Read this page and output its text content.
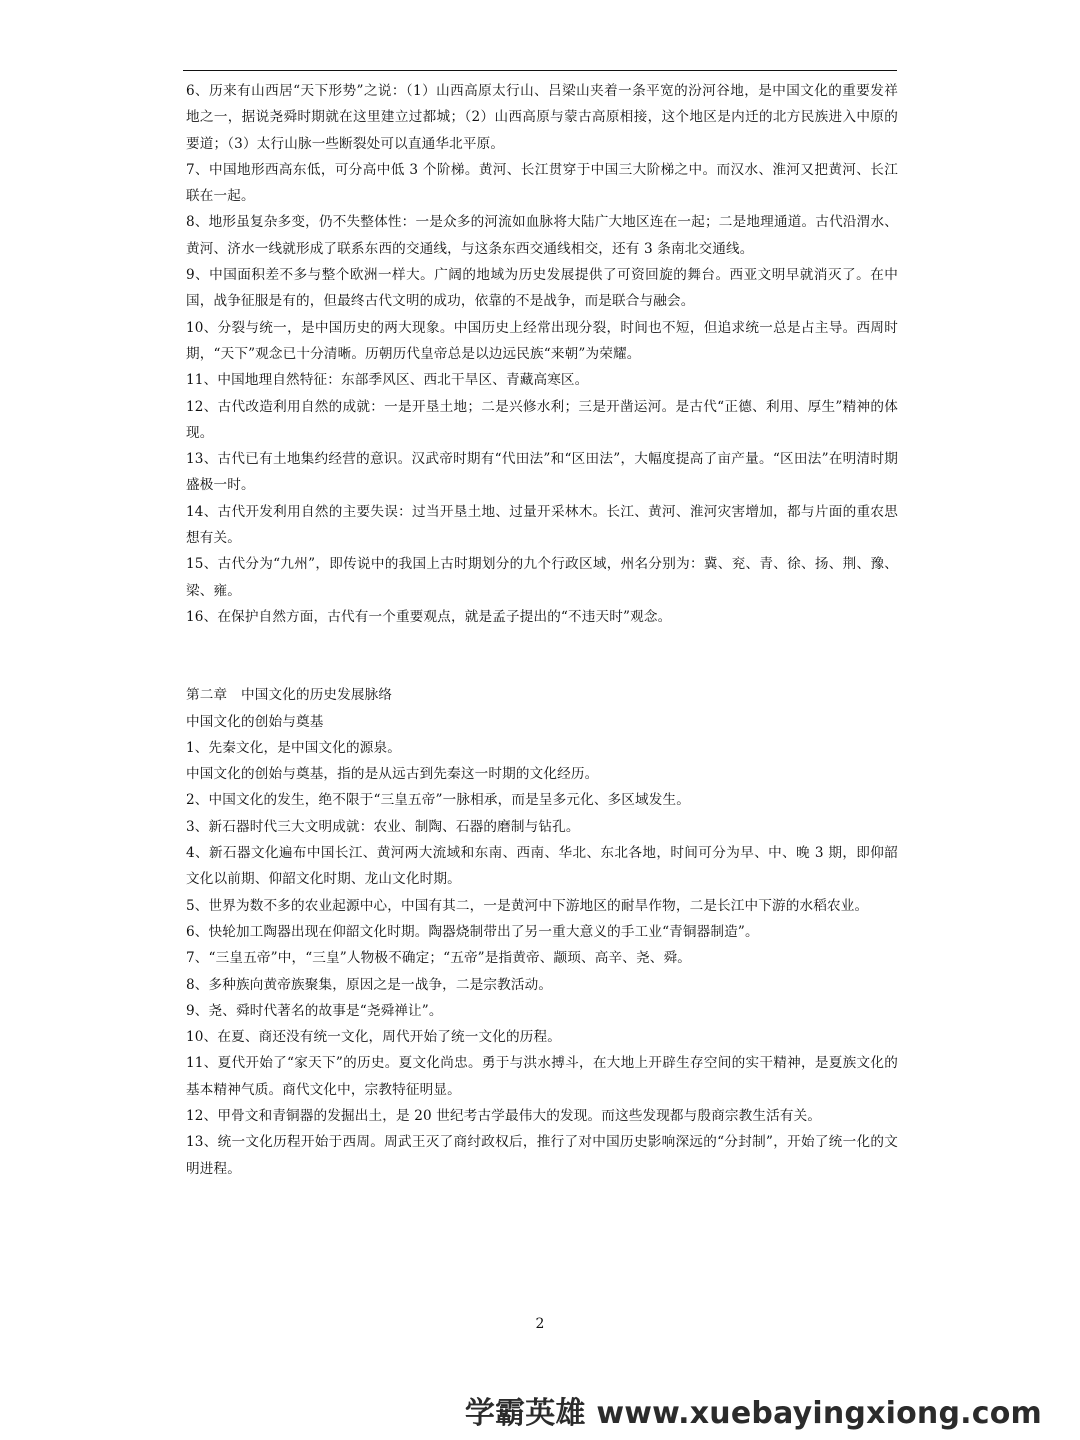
6、历来有山西居“天下形势”之说：（1）山西高原太行山、吕梁山夹着一条平宽的汾河谷地，是中国文化的重要发祥地之一，据说尧舜时期就在这里建立过都城；（2）山西高原与蒙古高原相接，这个地区是内迁的北方民族进入中原的要道；（3）太行山脉一些断裂处可以直通华北平原。

7、中国地形西高东低，可分高中低 3 个阶梯。黄河、长江贯穿于中国三大阶梯之中。而汉水、淮河又把黄河、长江联在一起。

8、地形虽复杂多变，仍不失整体性：一是众多的河流如血脉将大陆广大地区连在一起；二是地理通道。古代沿渭水、黄河、济水一线就形成了联系东西的交通线，与这条东西交通线相交，还有 3 条南北交通线。

9、中国面积差不多与整个欧洲一样大。广阔的地域为历史发展提供了可资回旋的舞台。西亚文明早就消灭了。在中国，战争征服是有的，但最终古代文明的成功，依靠的不是战争，而是联合与融会。

10、分裂与统一，是中国历史的两大现象。中国历史上经常出现分裂，时间也不短，但追求统一总是占主导。西周时期，“天下”观念已十分清晰。历朝历代皇帝总是以边远民族“来朝”为荣耀。

11、中国地理自然特征：东部季风区、西北干旱区、青藏高寒区。

12、古代改造利用自然的成就：一是开垦土地；二是兴修水利；三是开凿运河。是古代“正德、利用、厚生”精神的体现。

13、古代已有土地集约经营的意识。汉武帝时期有“代田法”和“区田法”，大幅度提高了亩产量。“区田法”在明清时期盛极一时。

14、古代开发利用自然的主要失误：过当开垦土地、过量开采林木。长江、黄河、淮河灾害增加，都与片面的重农思想有关。

15、古代分为“九州”，即传说中的我国上古时期划分的九个行政区域，州名分别为：冀、兖、青、徐、扬、荆、豫、梁、雍。

16、在保护自然方面，古代有一个重要观点，就是孟子提出的“不违天时”观念。

第二章　中国文化的历史发展脉络

中国文化的创始与奠基

1、先秦文化，是中国文化的源泉。

中国文化的创始与奠基，指的是从远古到先秦这一时期的文化经历。

2、中国文化的发生，绝不限于“三皇五帝”一脉相承，而是呈多元化、多区域发生。

3、新石器时代三大文明成就：农业、制陶、石器的磨制与钻孔。

4、新石器文化遍布中国长江、黄河两大流域和东南、西南、华北、东北各地，时间可分为早、中、晚 3 期，即仰韶文化以前期、仰韶文化时期、龙山文化时期。

5、世界为数不多的农业起源中心，中国有其二，一是黄河中下游地区的耐旱作物，二是长江中下游的水稻农业。

6、快轮加工陶器出现在仰韶文化时期。陶器烧制带出了另一重大意义的手工业“青铜器制造”。

7、“三皇五帝”中，“三皇”人物极不确定；“五帝”是指黄帝、颛顼、高辛、尧、舜。

8、多种族向黄帝族聚集，原因之是一战争，二是宗教活动。

9、尧、舜时代著名的故事是“尧舜禅让”。

10、在夏、商还没有统一文化，周代开始了统一文化的历程。

11、夏代开始了“家天下”的历史。夏文化尚忠。勇于与洪水搏斗，在大地上开辟生存空间的实干精神，是夏族文化的基本精神气质。商代文化中，宗教特征明显。

12、甲骨文和青铜器的发掘出土，是 20 世纪考古学最伟大的发现。而这些发现都与殷商宗教生活有关。

13、统一文化历程开始于西周。周武王灭了商纣政权后，推行了对中国历史影响深远的“分封制”，开始了统一化的文明进程。

2
学霸英雄 www.xuebayingxiong.com
